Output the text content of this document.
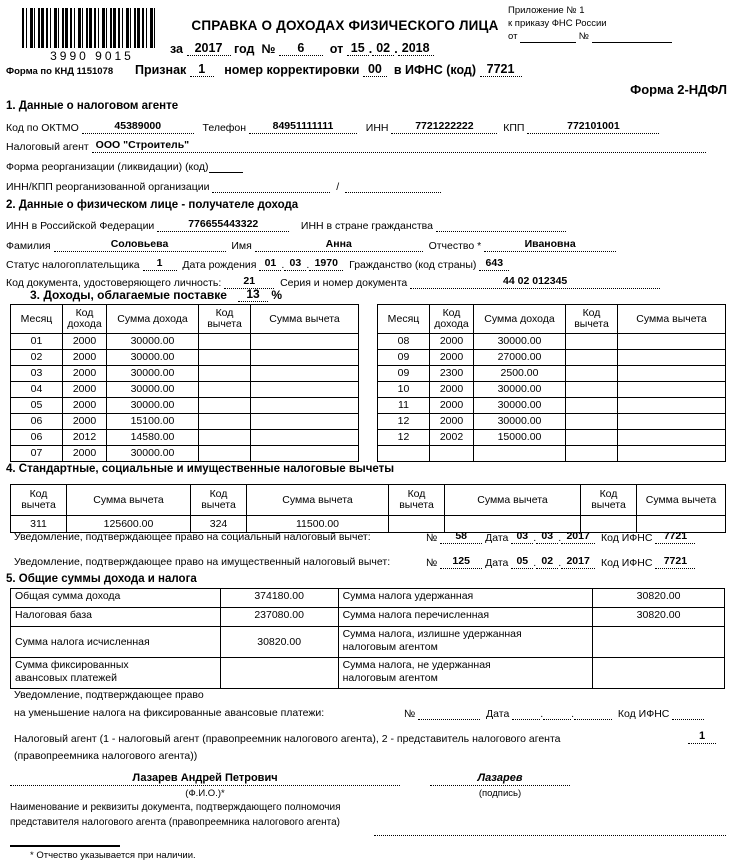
3990 9015
Форма по КНД 1151078
СПРАВКА О ДОХОДАХ ФИЗИЧЕСКОГО ЛИЦА
за 2017 год № 6 от 15 . 02 . 2018
Признак 1 номер корректировки 00 в ИФНС (код) 7721
Форма 2-НДФЛ
Приложение № 1
к приказу ФНС России
от	№
1. Данные о налоговом агенте
Код по ОКТМО	45389000	Телефон	84951111111	ИНН	7721222222	КПП	772101001
Налоговый агент ООО "Строитель"
Форма реорганизации (ликвидации) (код)
ИНН/КПП реорганизованной организации	/
2. Данные о физическом лице - получателе дохода
ИНН в Российской Федерации	776655443322	ИНН в стране гражданства
Фамилия	Соловьева	Имя	Анна	Отчество *	Ивановна
Статус налогоплательщика 1 Дата рождения 01 . 03 . 1970 Гражданство (код страны) 643
Код документа, удостоверяющего личность: 21 Серия и номер документа	44 02 012345
3. Доходы, облагаемые поставке	13 %
Месяц	Код
дохода	Сумма дохода	Код
вычета	Сумма вычета
01	2000	30000.00		
02	2000	30000.00		
03	2000	30000.00		
04	2000	30000.00		
05	2000	30000.00		
06	2000	15100.00		
06	2012	14580.00		
07	2000	30000.00		
Месяц	Код
дохода	Сумма дохода	Код
вычета	Сумма вычета
08	2000	30000.00		
09	2000	27000.00		
09	2300	2500.00		
10	2000	30000.00		
11	2000	30000.00		
12	2000	30000.00		
12	2002	15000.00		

4. Стандартные, социальные и имущественные налоговые вычеты
Код
вычета	Сумма вычета	Код
вычета	Сумма вычета	Код
вычета	Сумма вычета	Код
вычета	Сумма вычета
311	125600.00	324	11500.00				
Уведомление, подтверждающее право на социальный налоговый вычет:	№ 58 Дата 03 . 03 . 2017 Код ИФНС 7721
Уведомление, подтверждающее право на имущественный налоговый вычет:	№ 125 Дата 05 . 02 . 2017 Код ИФНС 7721
5. Общие суммы дохода и налога
Общая сумма дохода	374180.00	Сумма налога удержанная	30820.00
Налоговая база	237080.00	Сумма налога перечисленная	30820.00
Сумма налога исчисленная	30820.00	Сумма налога, излишне удержанная
налоговым агентом	
Сумма фиксированных
авансовых платежей		Сумма налога, не удержанная
налоговым агентом	
Уведомление, подтверждающее право
на уменьшение налога на фиксированные авансовые платежи:	№	Дата	.	.	Код ИФНС
Налоговый агент (1 - налоговый агент (правопреемник налогового агента), 2 - представитель налогового агента
(правопреемника налогового агента))
1
Лазарев Андрей Петрович
(Ф.И.О.)*
Лазарев
(подпись)
Наименование и реквизиты документа, подтверждающего полномочия
представителя налогового агента (правопреемника налогового агента)
* Отчество указывается при наличии.
